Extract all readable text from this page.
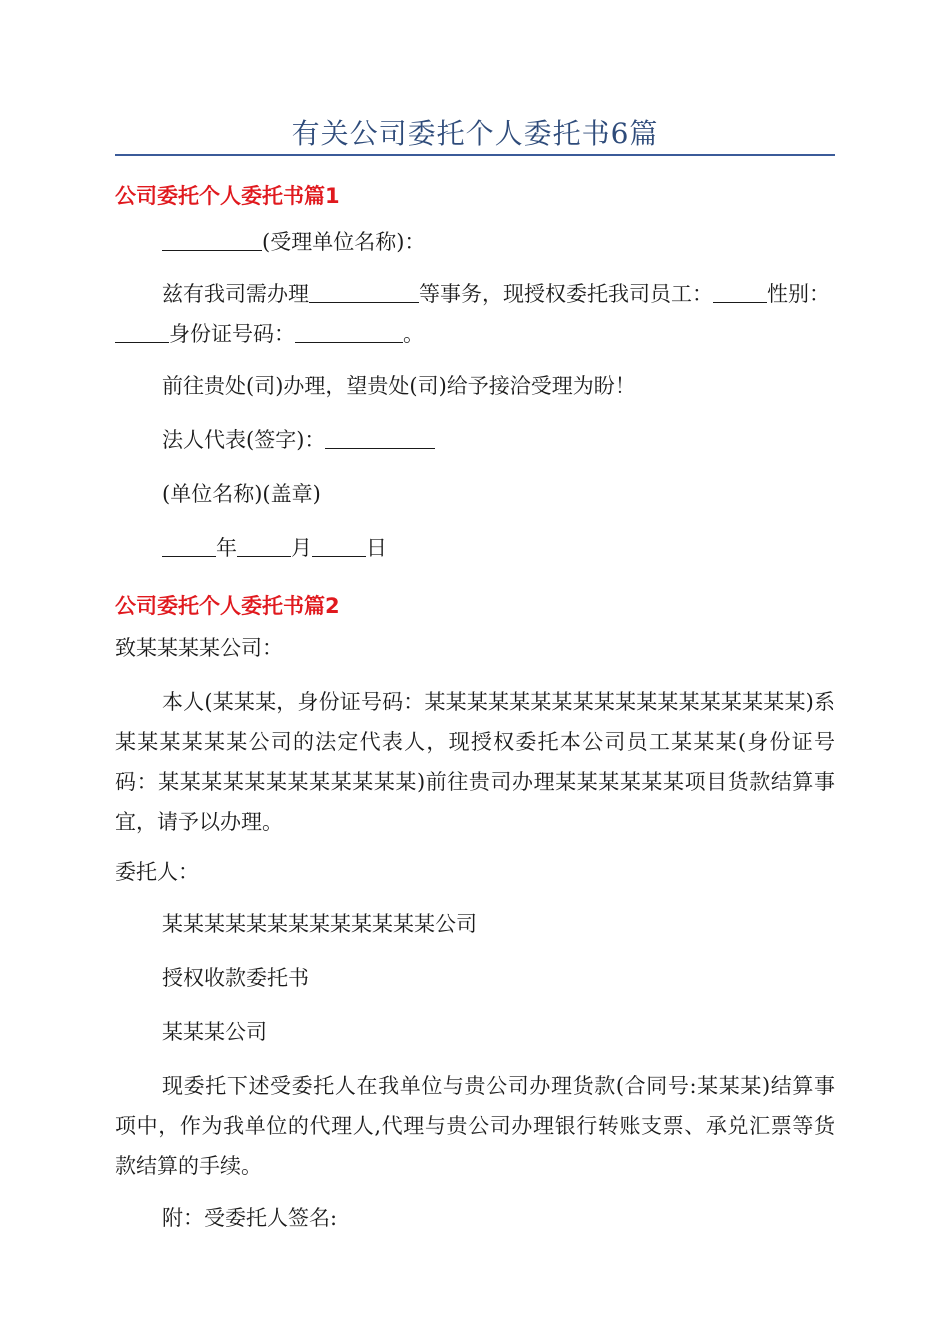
有关公司委托个人委托书6篇
公司委托个人委托书篇1

(受理单位名称)：

兹有我司需办理	等事务，现授权委托我司员工：	性别：身份证号码：	。

前往贵处(司)办理，望贵处(司)给予接洽受理为盼！

法人代表(签字)：

(单位名称)(盖章)

年	月	日

公司委托个人委托书篇2

致某某某某公司：

本人(某某某，身份证号码：某某某某某某某某某某某某某某某某某某)系某某某某某某公司的法定代表人，现授权委托本公司员工某某某(身份证号码：某某某某某某某某某某某某)前往贵司办理某某某某某某项目货款结算事宜，请予以办理。

委托人：

某某某某某某某某某某某某某公司

授权收款委托书

某某某公司

现委托下述受委托人在我单位与贵公司办理货款(合同号:某某某)结算事项中，作为我单位的代理人,代理与贵公司办理银行转账支票、承兑汇票等货款结算的手续。

附：受委托人签名:
